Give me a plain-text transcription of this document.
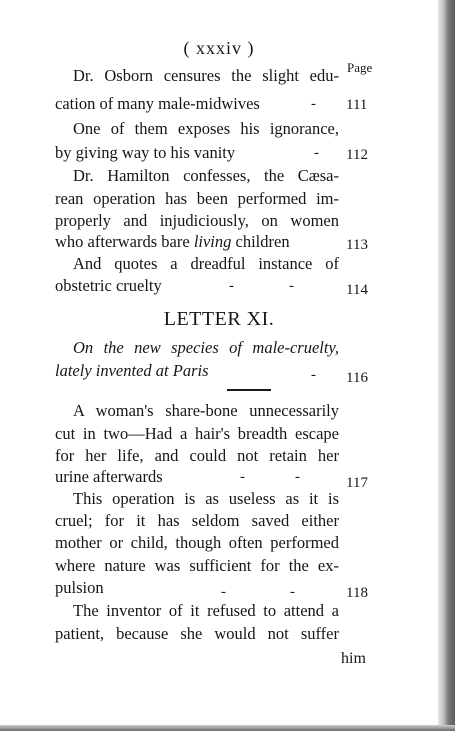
( xxxiv )
Page
Dr. Osborn censures the slight edu-
cation of many male-midwives	- 111
One of them exposes his ignorance,
by giving way to his vanity	- 112
Dr. Hamilton confesses, the Cæsa-
rean operation has been performed im-
properly and injudiciously, on women
who afterwards bare living children	113
And quotes a dreadful instance of
obstetric cruelty	-	-	114
LETTER XI.
On the new species of male-cruelty,
lately invented at Paris	- 116
A woman's share-bone unnecessarily
cut in two—Had a hair's breadth escape
for her life, and could not retain her
urine afterwards	-	-	117
This operation is as useless as it is
cruel; for it has seldom saved either
mother or child, though often performed
where nature was sufficient for the ex-
pulsion	-	-	118
The inventor of it refused to attend a
patient, because she would not suffer
him
